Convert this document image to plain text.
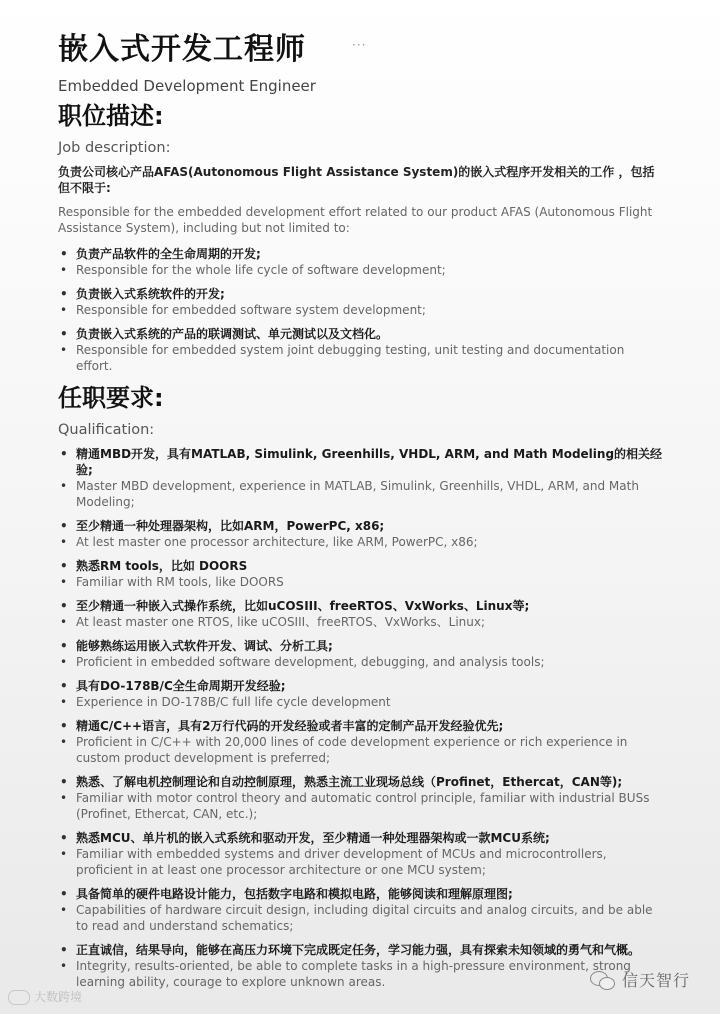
嵌入式开发工程师
Embedded Development Engineer
职位描述:
Job description:

负责公司核心产品AFAS(Autonomous Flight Assistance System)的嵌入式程序开发相关的工作 ，包括但不限于:

Responsible for the embedded development effort related to our product AFAS (Autonomous Flight Assistance System), including but not limited to:

• 负责产品软件的全生命周期的开发;
• Responsible for the whole life cycle of software development;
• 负责嵌入式系统软件的开发;
• Responsible for embedded software system development;
• 负责嵌入式系统的产品的联调测试、单元测试以及文档化。
• Responsible for embedded system joint debugging testing, unit testing and documentation effort.
任职要求:
Qualification:
• 精通MBD开发，具有MATLAB, Simulink, Greenhills, VHDL, ARM, and Math Modeling的相关经验;
• Master MBD development, experience in MATLAB, Simulink, Greenhills, VHDL, ARM, and Math Modeling;
• 至少精通一种处理器架构，比如ARM，PowerPC, x86;
• At lest master one processor architecture, like ARM, PowerPC, x86;
• 熟悉RM tools，比如 DOORS
• Familiar with RM tools, like DOORS
• 至少精通一种嵌入式操作系统，比如uCOSIII、freeRTOS、VxWorks、Linux等;
• At least master one RTOS, like uCOSIII、freeRTOS、VxWorks、Linux;
• 能够熟练运用嵌入式软件开发、调试、分析工具;
• Proficient in embedded software development, debugging, and analysis tools;
• 具有DO-178B/C全生命周期开发经验;
• Experience in DO-178B/C full life cycle development
• 精通C/C++语言，具有2万行代码的开发经验或者丰富的定制产品开发经验优先;
• Proficient in C/C++ with 20,000 lines of code development experience or rich experience in custom product development is preferred;
• 熟悉、了解电机控制理论和自动控制原理，熟悉主流工业现场总线（Profinet，Ethercat，CAN等);
• Familiar with motor control theory and automatic control principle, familiar with industrial BUSs (Profinet, Ethercat, CAN, etc.);
• 熟悉MCU、单片机的嵌入式系统和驱动开发，至少精通一种处理器架构或一款MCU系统;
• Familiar with embedded systems and driver development of MCUs and microcontrollers, proficient in at least one processor architecture or one MCU system;
• 具备简单的硬件电路设计能力，包括数字电路和模拟电路，能够阅读和理解原理图;
• Capabilities of hardware circuit design, including digital circuits and analog circuits, and be able to read and understand schematics;
• 正直诚信，结果导向，能够在高压力环境下完成既定任务，学习能力强，具有探索未知领域的勇气和气概。
• Integrity, results-oriented, be able to complete tasks in a high-pressure environment, strong learning ability, courage to explore unknown areas.
···
大数跨境
信天智行
